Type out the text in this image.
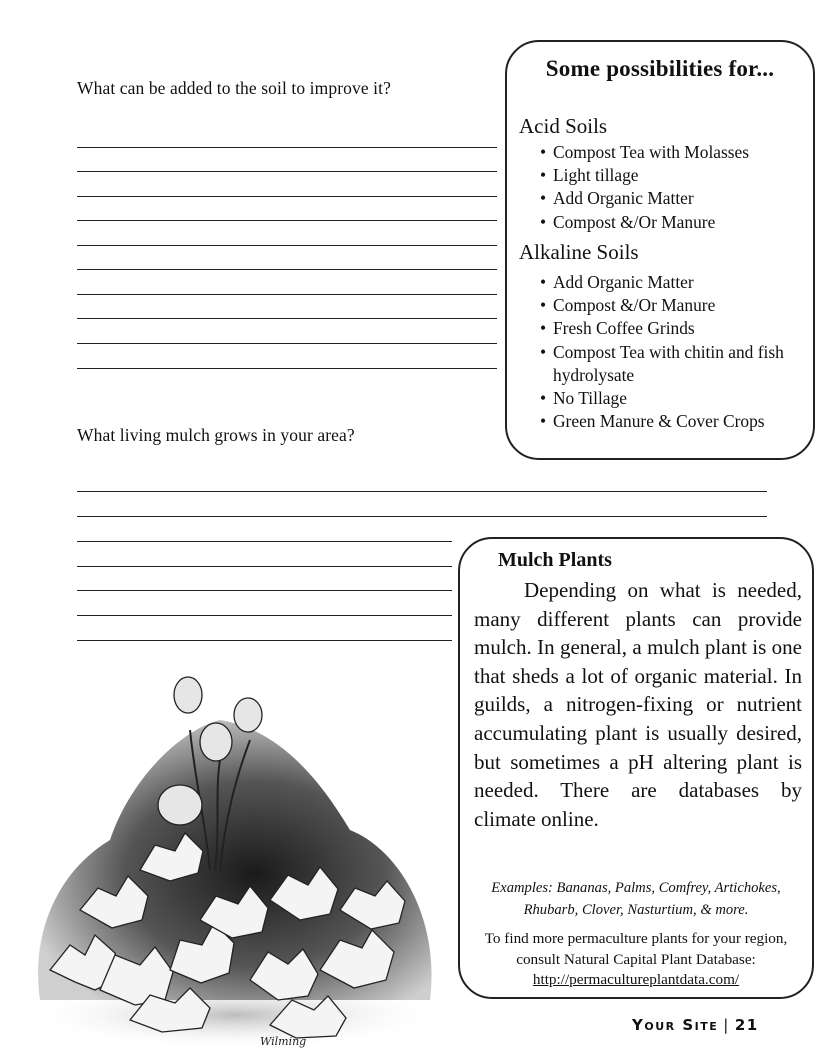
What can be added to the soil to improve it?
What living mulch grows in your area?
Some possibilities for...
Acid Soils
• Compost Tea with Molasses
• Light tillage
• Add Organic Matter
• Compost &/Or Manure
Alkaline Soils
• Add Organic Matter
• Compost &/Or Manure
• Fresh Coffee Grinds
• Compost Tea with chitin and fish hydrolysate
• No Tillage
• Green Manure & Cover Crops
Mulch Plants
Depending on what is needed, many different plants can provide mulch. In general, a mulch plant is one that sheds a lot of organic material. In guilds, a nitrogen-fixing or nutrient accumulating plant is usually desired, but sometimes a pH altering plant is needed. There are databases by climate online.
Examples: Bananas, Palms, Comfrey, Artichokes, Rhubarb, Clover, Nasturtium, & more.
To find more permaculture plants for your region, consult Natural Capital Plant Database: http://permacultureplantdata.com/
Wilming
Your Site | 21
